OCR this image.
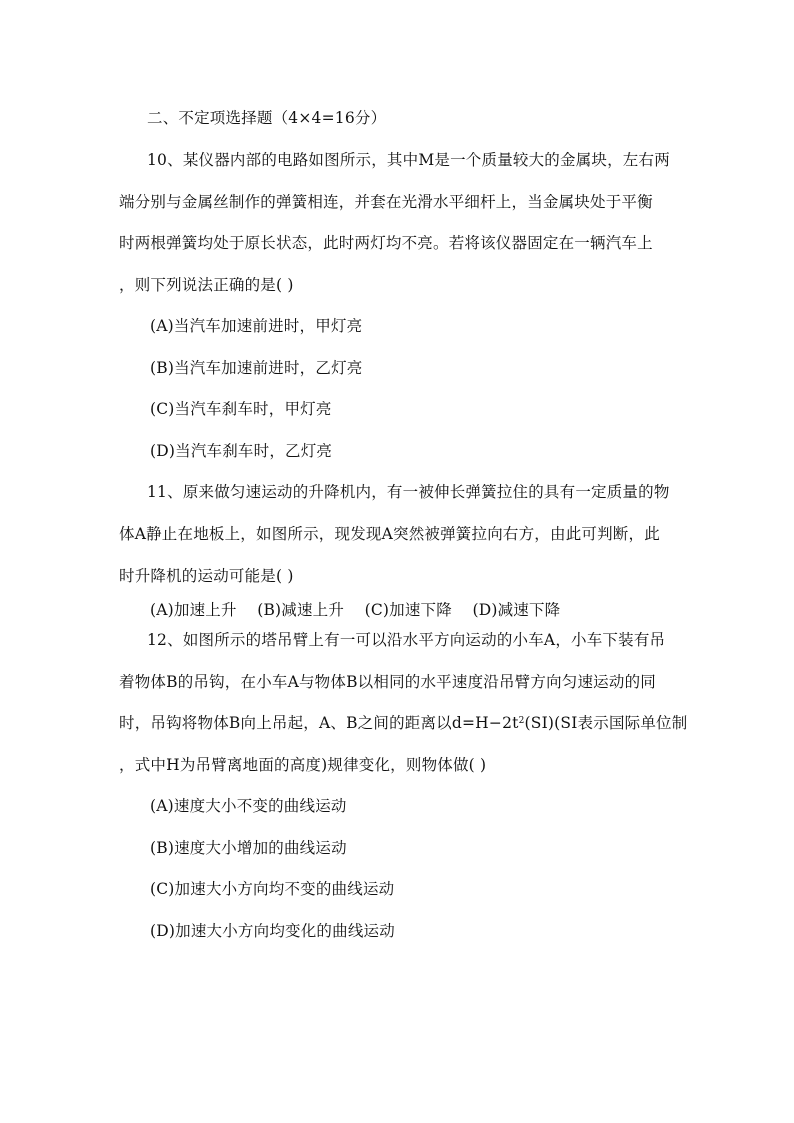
二、不定项选择题（4×4=16分）
10、某仪器内部的电路如图所示，其中M是一个质量较大的金属块，左右两
端分别与金属丝制作的弹簧相连，并套在光滑水平细杆上，当金属块处于平衡
时两根弹簧均处于原长状态，此时两灯均不亮。若将该仪器固定在一辆汽车上
，则下列说法正确的是( )
(A)当汽车加速前进时，甲灯亮
(B)当汽车加速前进时，乙灯亮
(C)当汽车刹车时，甲灯亮
(D)当汽车刹车时，乙灯亮
11、原来做匀速运动的升降机内，有一被伸长弹簧拉住的具有一定质量的物
体A静止在地板上，如图所示，现发现A突然被弹簧拉向右方，由此可判断，此
时升降机的运动可能是( )
(A)加速上升    (B)减速上升    (C)加速下降    (D)减速下降
12、如图所示的塔吊臂上有一可以沿水平方向运动的小车A，小车下装有吊
着物体B的吊钩，在小车A与物体B以相同的水平速度沿吊臂方向匀速运动的同
时，吊钩将物体B向上吊起，A、B之间的距离以$d=H-2t^2(SI)(SI$表示国际单位制
，式中H为吊臂离地面的高度)规律变化，则物体做( )
(A)速度大小不变的曲线运动
(B)速度大小增加的曲线运动
(C)加速大小方向均不变的曲线运动
(D)加速大小方向均变化的曲线运动
